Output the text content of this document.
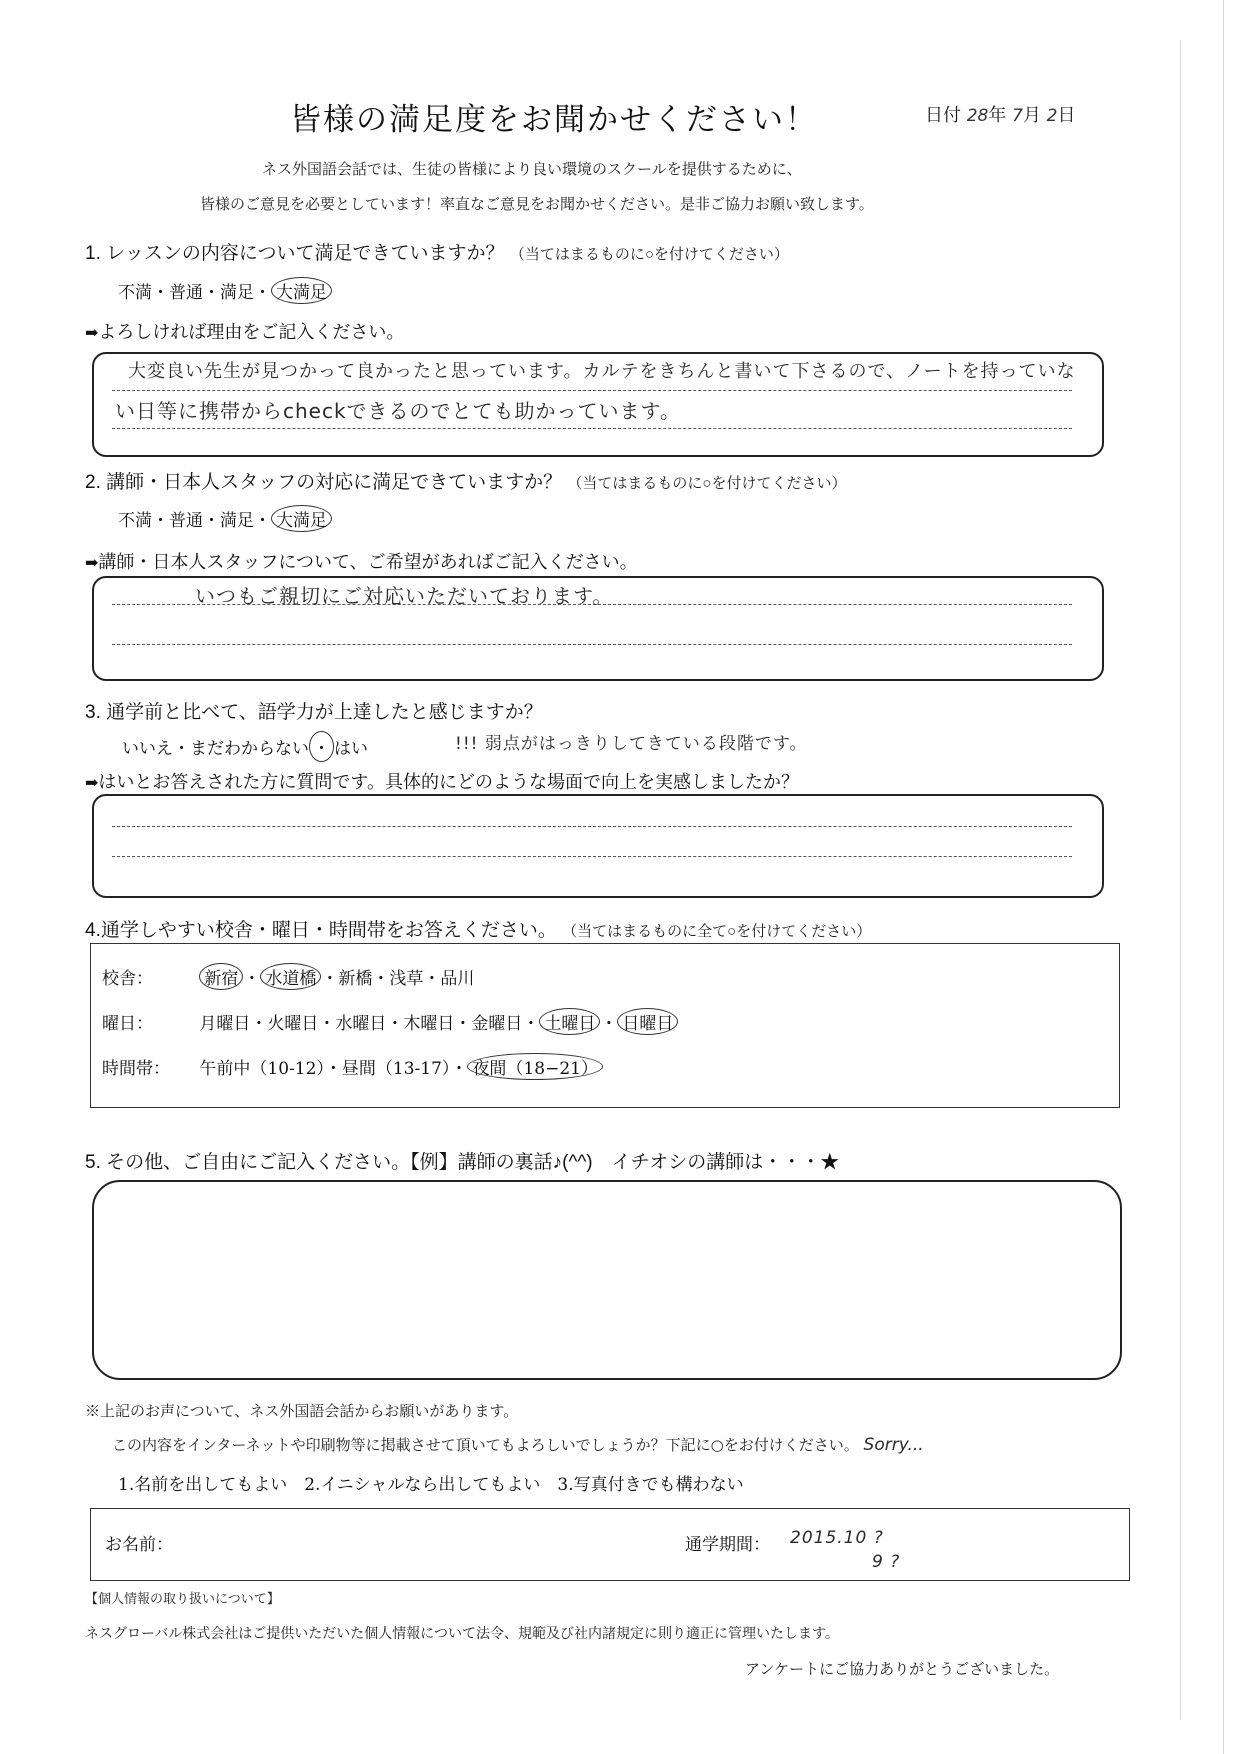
皆様の満足度をお聞かせください！	日付 28年 7月 2日
ネス外国語会話では、生徒の皆様により良い環境のスクールを提供するために、
皆様のご意見を必要としています！率直なご意見をお聞かせください。是非ご協力お願い致します。
1. レッスンの内容について満足できていますか？ （当てはまるものに○を付けてください）
不満・普通・満足・ 大満足
➡よろしければ理由をご記入ください。
大変良い先生が見つかって良かったと思っています。カルテをきちんと書いて下さるので、ノートを持っていな
い日等に携帯からcheckできるのでとても助かっています。
2. 講師・日本人スタッフの対応に満足できていますか？ （当てはまるものに○を付けてください）
不満・普通・満足・ 大満足
➡講師・日本人スタッフについて、ご希望があればご記入ください。
いつもご親切にご対応いただいております。
3. 通学前と比べて、語学力が上達したと感じますか？
いいえ・まだわからない ・ はい	!!! 弱点がはっきりしてきている段階です。
➡はいとお答えされた方に質問です。具体的にどのような場面で向上を実感しましたか？
4.通学しやすい校舎・曜日・時間帯をお答えください。 （当てはまるものに全て○を付けてください）
校舎：	新宿 ・ 水道橋 ・新橋・浅草・品川
曜日：	月曜日・火曜日・水曜日・木曜日・金曜日・ 土曜日 ・ 日曜日
時間帯： 午前中（10-12）・昼間（13-17）・ 夜間（18−21）
5. その他、ご自由にご記入ください。【例】講師の裏話♪(^^)　イチオシの講師は・・・★
※上記のお声について、ネス外国語会話からお願いがあります。
この内容をインターネットや印刷物等に掲載させて頂いてもよろしいでしょうか？下記に○をお付けください。 Sorry...
1.名前を出してもよい　2.イニシャルなら出してもよい　3.写真付きでも構わない
お名前：	通学期間： 2015.10 ?
9 ?
【個人情報の取り扱いについて】
ネスグローバル株式会社はご提供いただいた個人情報について法令、規範及び社内諸規定に則り適正に管理いたします。
アンケートにご協力ありがとうございました。
